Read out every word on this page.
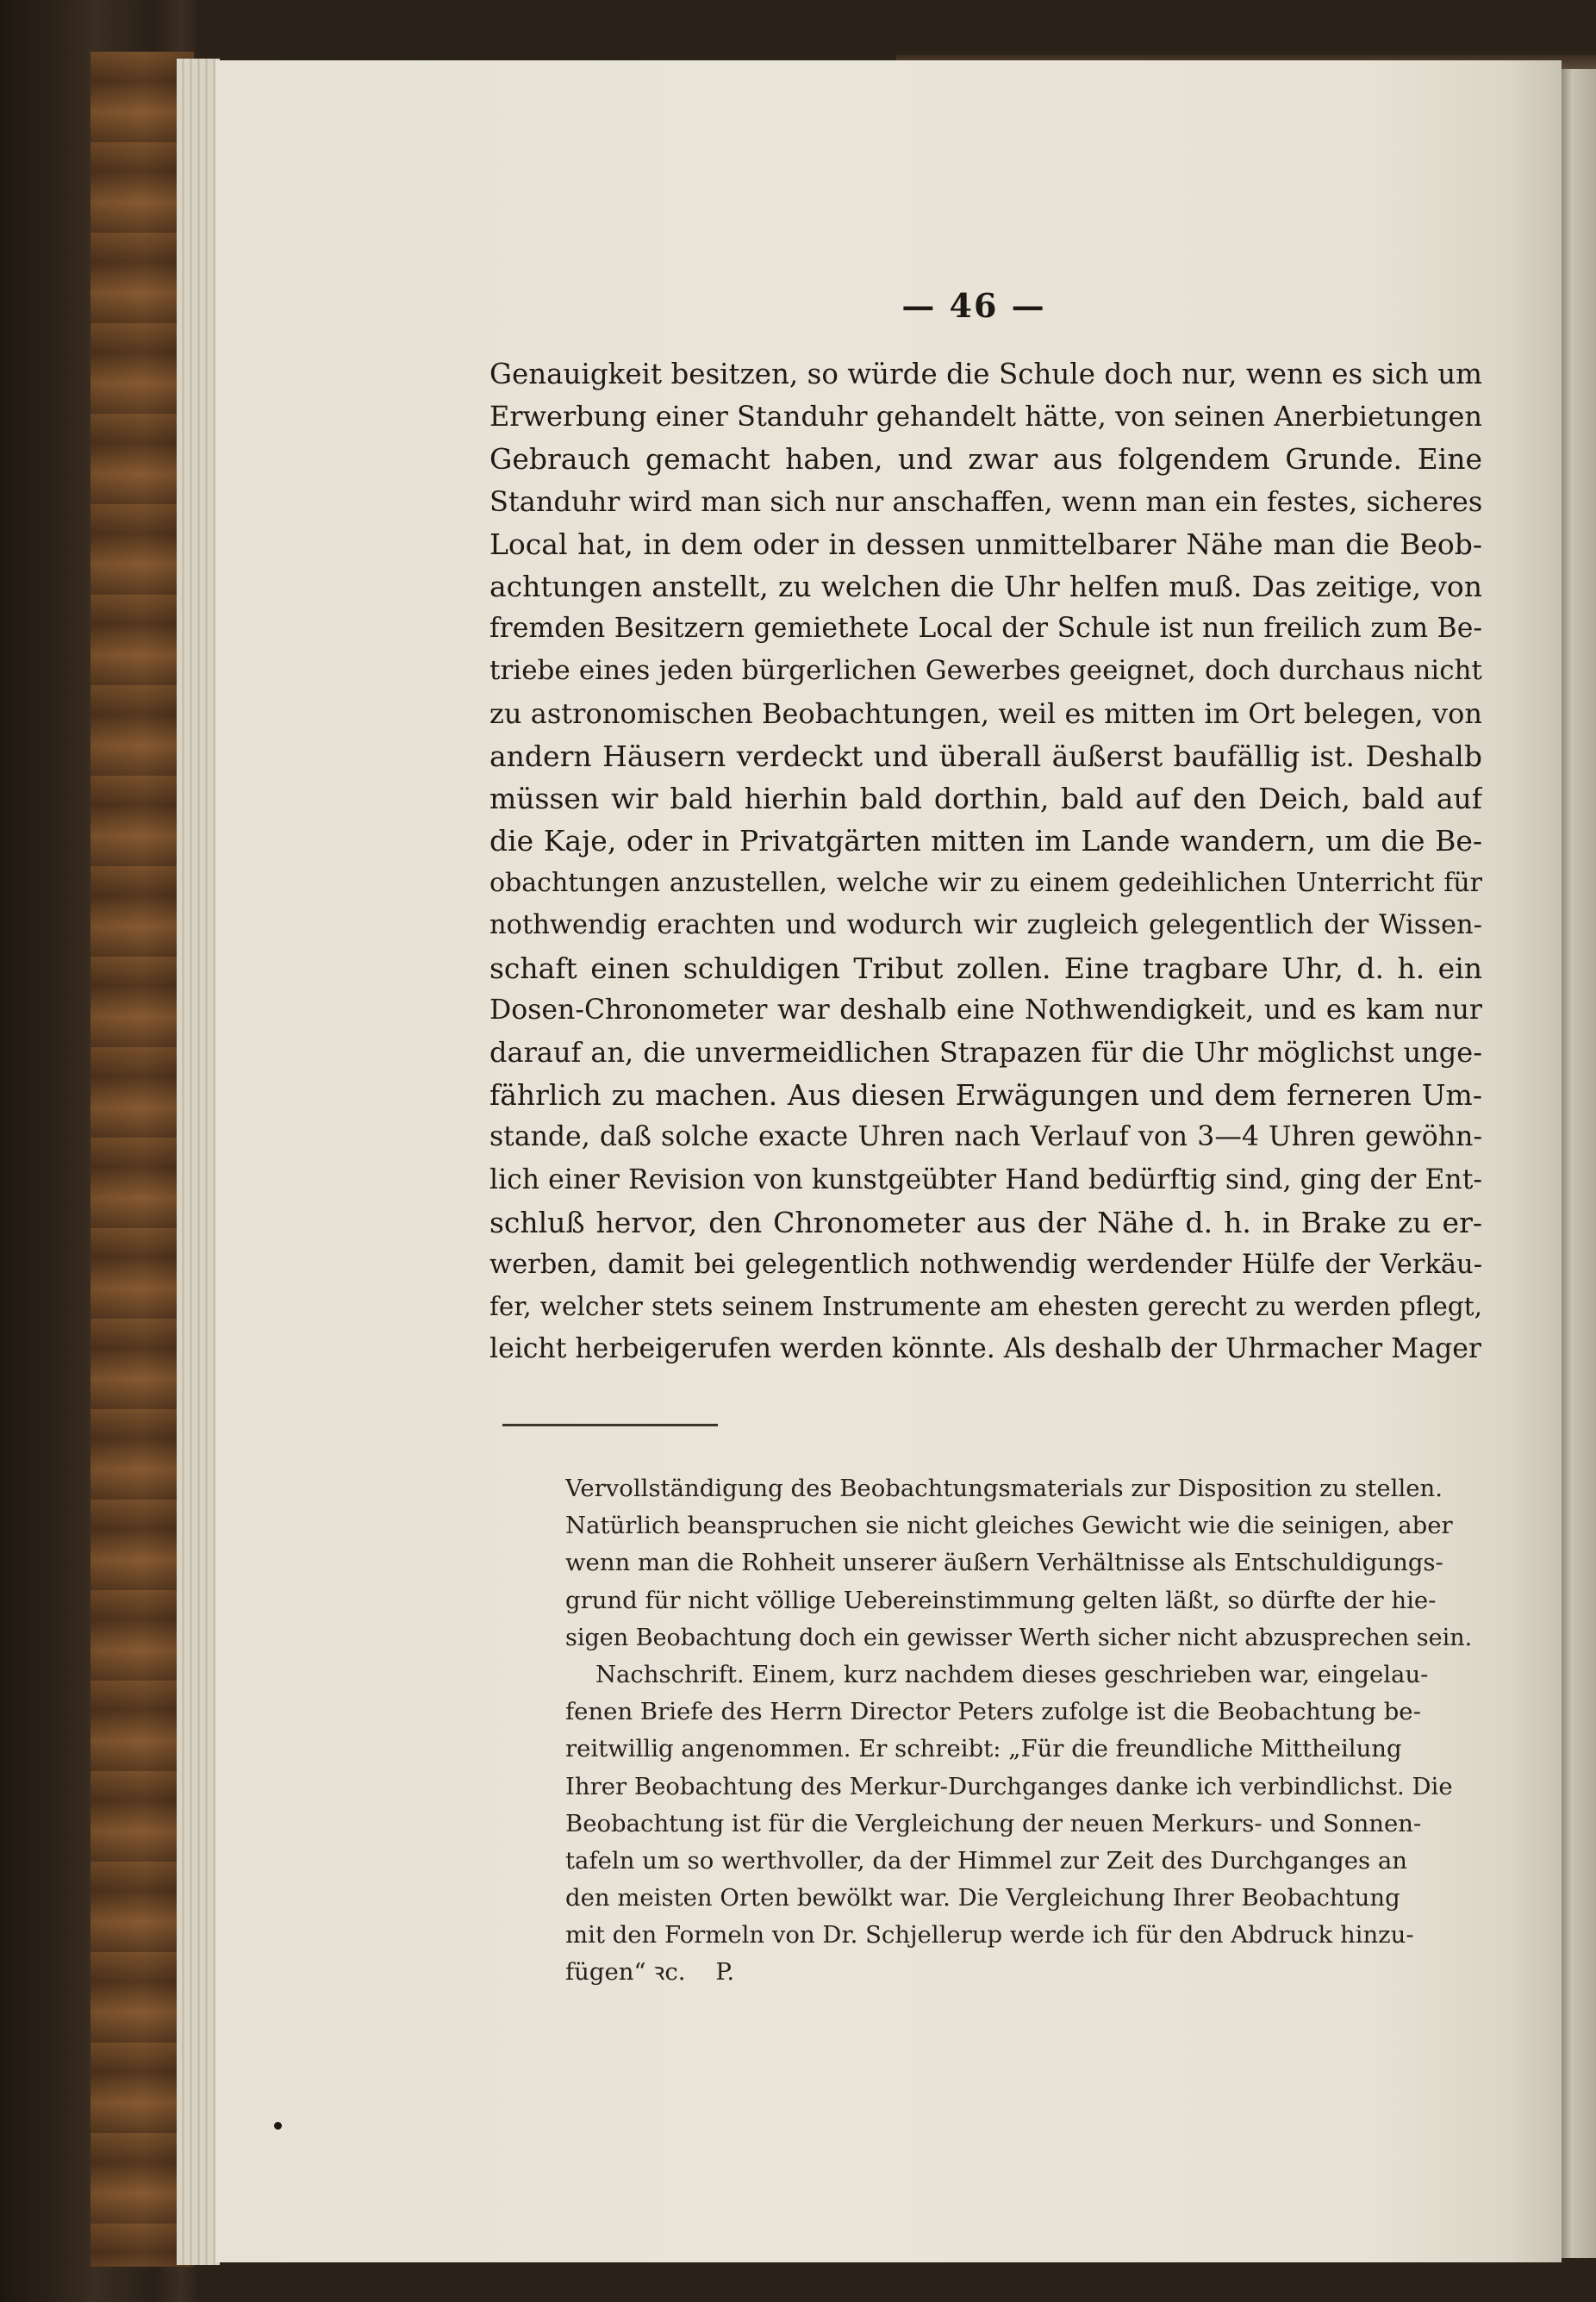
— 46 —
Genauigkeit besitzen, so würde die Schule doch nur, wenn es sich um
Erwerbung einer Standuhr gehandelt hätte, von seinen Anerbietungen
Gebrauch gemacht haben, und zwar aus folgendem Grunde. Eine
Standuhr wird man sich nur anschaffen, wenn man ein festes, sicheres
Local hat, in dem oder in dessen unmittelbarer Nähe man die Beob-
achtungen anstellt, zu welchen die Uhr helfen muß. Das zeitige, von
fremden Besitzern gemiethete Local der Schule ist nun freilich zum Be-
triebe eines jeden bürgerlichen Gewerbes geeignet, doch durchaus nicht
zu astronomischen Beobachtungen, weil es mitten im Ort belegen, von
andern Häusern verdeckt und überall äußerst baufällig ist. Deshalb
müssen wir bald hierhin bald dorthin, bald auf den Deich, bald auf
die Kaje, oder in Privatgärten mitten im Lande wandern, um die Be-
obachtungen anzustellen, welche wir zu einem gedeihlichen Unterricht für
nothwendig erachten und wodurch wir zugleich gelegentlich der Wissen-
schaft einen schuldigen Tribut zollen. Eine tragbare Uhr, d. h. ein
Dosen-Chronometer war deshalb eine Nothwendigkeit, und es kam nur
darauf an, die unvermeidlichen Strapazen für die Uhr möglichst unge-
fährlich zu machen. Aus diesen Erwägungen und dem ferneren Um-
stande, daß solche exacte Uhren nach Verlauf von 3—4 Uhren gewöhn-
lich einer Revision von kunstgeübter Hand bedürftig sind, ging der Ent-
schluß hervor, den Chronometer aus der Nähe d. h. in Brake zu er-
werben, damit bei gelegentlich nothwendig werdender Hülfe der Verkäu-
fer, welcher stets seinem Instrumente am ehesten gerecht zu werden pflegt,
leicht herbeigerufen werden könnte. Als deshalb der Uhrmacher Mager
Vervollständigung des Beobachtungsmaterials zur Disposition zu stellen.
Natürlich beanspruchen sie nicht gleiches Gewicht wie die seinigen, aber
wenn man die Rohheit unserer äußern Verhältnisse als Entschuldigungs-
grund für nicht völlige Uebereinstimmung gelten läßt, so dürfte der hie-
sigen Beobachtung doch ein gewisser Werth sicher nicht abzusprechen sein.
Nachschrift. Einem, kurz nachdem dieses geschrieben war, eingelau-
fenen Briefe des Herrn Director Peters zufolge ist die Beobachtung be-
reitwillig angenommen. Er schreibt: „Für die freundliche Mittheilung
Ihrer Beobachtung des Merkur-Durchganges danke ich verbindlichst. Die
Beobachtung ist für die Vergleichung der neuen Merkurs- und Sonnen-
tafeln um so werthvoller, da der Himmel zur Zeit des Durchganges an
den meisten Orten bewölkt war. Die Vergleichung Ihrer Beobachtung
mit den Formeln von Dr. Schjellerup werde ich für den Abdruck hinzu-
fügen“ ꝛc.    P.
